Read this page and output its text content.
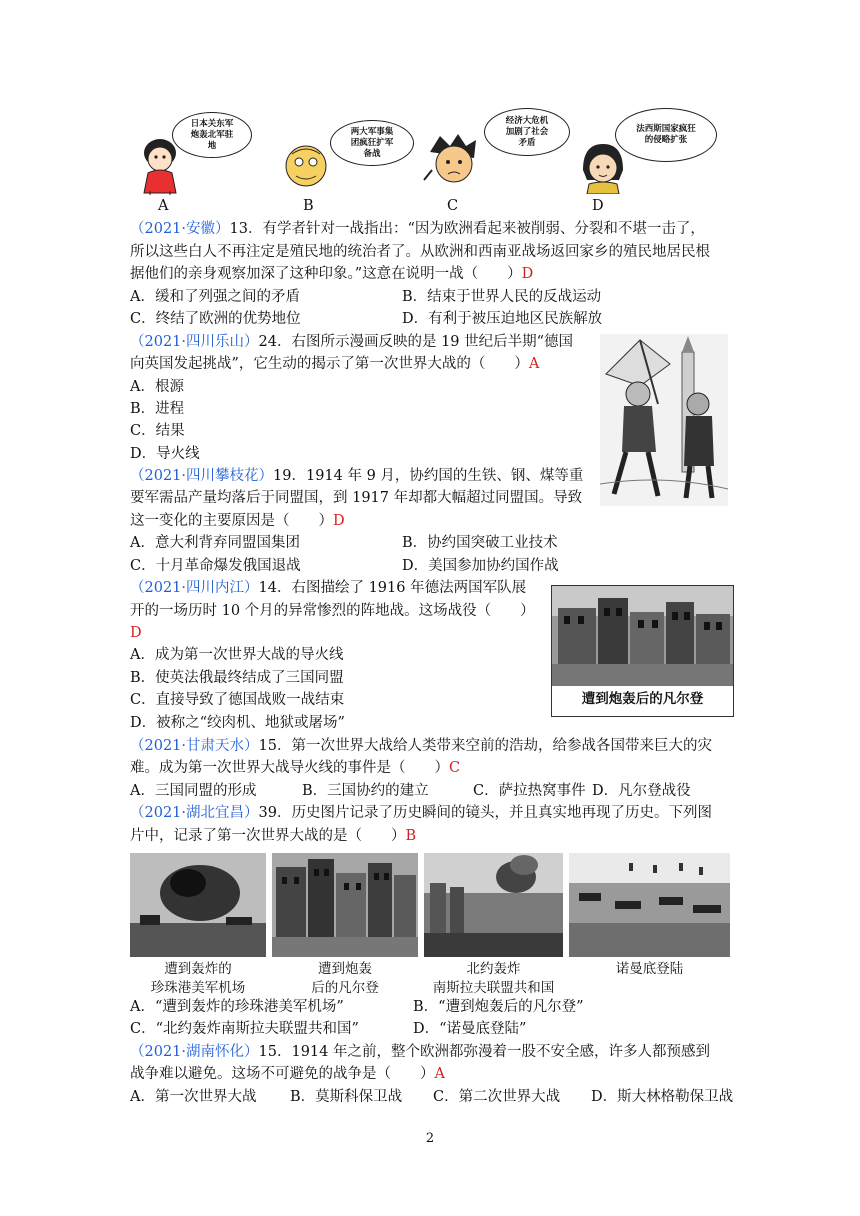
日本关东军炮轰北军驻地
A
两大军事集团疯狂扩军备战
B
经济大危机加剧了社会矛盾
C
法西斯国家疯狂的侵略扩张
D
（2021·安徽）13．有学者针对一战指出：“因为欧洲看起来被削弱、分裂和不堪一击了，
所以这些白人不再注定是殖民地的统治者了。从欧洲和西南亚战场返回家乡的殖民地居民根
据他们的亲身观察加深了这种印象。”这意在说明一战（　　）D
A．缓和了列强之间的矛盾	B．结束于世界人民的反战运动
C．终结了欧洲的优势地位	D．有利于被压迫地区民族解放
（2021·四川乐山）24．右图所示漫画反映的是 19 世纪后半期“德国
向英国发起挑战”，它生动的揭示了第一次世界大战的（　　）A
A．根源
B．进程
C．结果
D．导火线
（2021·四川攀枝花）19．1914 年 9 月，协约国的生铁、钢、煤等重
要军需品产量均落后于同盟国，到 1917 年却都大幅超过同盟国。导致
这一变化的主要原因是（　　）D
A．意大利背弃同盟国集团	B．协约国突破工业技术
C．十月革命爆发俄国退战	D．美国参加协约国作战
（2021·四川内江）14．右图描绘了 1916 年德法两国军队展
开的一场历时 10 个月的异常惨烈的阵地战。这场战役（　　）
D
A．成为第一次世界大战的导火线
B．使英法俄最终结成了三国同盟
C．直接导致了德国战败一战结束
D．被称之“绞肉机、地狱或屠场”
遭到炮轰后的凡尔登
（2021·甘肃天水）15．第一次世界大战给人类带来空前的浩劫，给参战各国带来巨大的灾
难。成为第一次世界大战导火线的事件是（　　）C
A．三国同盟的形成	B．三国协约的建立	C．萨拉热窝事件 D．凡尔登战役
（2021·湖北宜昌）39．历史图片记录了历史瞬间的镜头，并且真实地再现了历史。下列图
片中，记录了第一次世界大战的是（　　）B
遭到轰炸的
珍珠港美军机场
遭到炮轰
后的凡尔登
北约轰炸
南斯拉夫联盟共和国
诺曼底登陆
A．“遭到轰炸的珍珠港美军机场”	B．“遭到炮轰后的凡尔登”
C．“北约轰炸南斯拉夫联盟共和国”	D．“诺曼底登陆”
（2021·湖南怀化）15．1914 年之前，整个欧洲都弥漫着一股不安全感，许多人都预感到
战争难以避免。这场不可避免的战争是（　　）A
A．第一次世界大战 B．莫斯科保卫战 C．第二次世界大战 D．斯大林格勒保卫战
2
